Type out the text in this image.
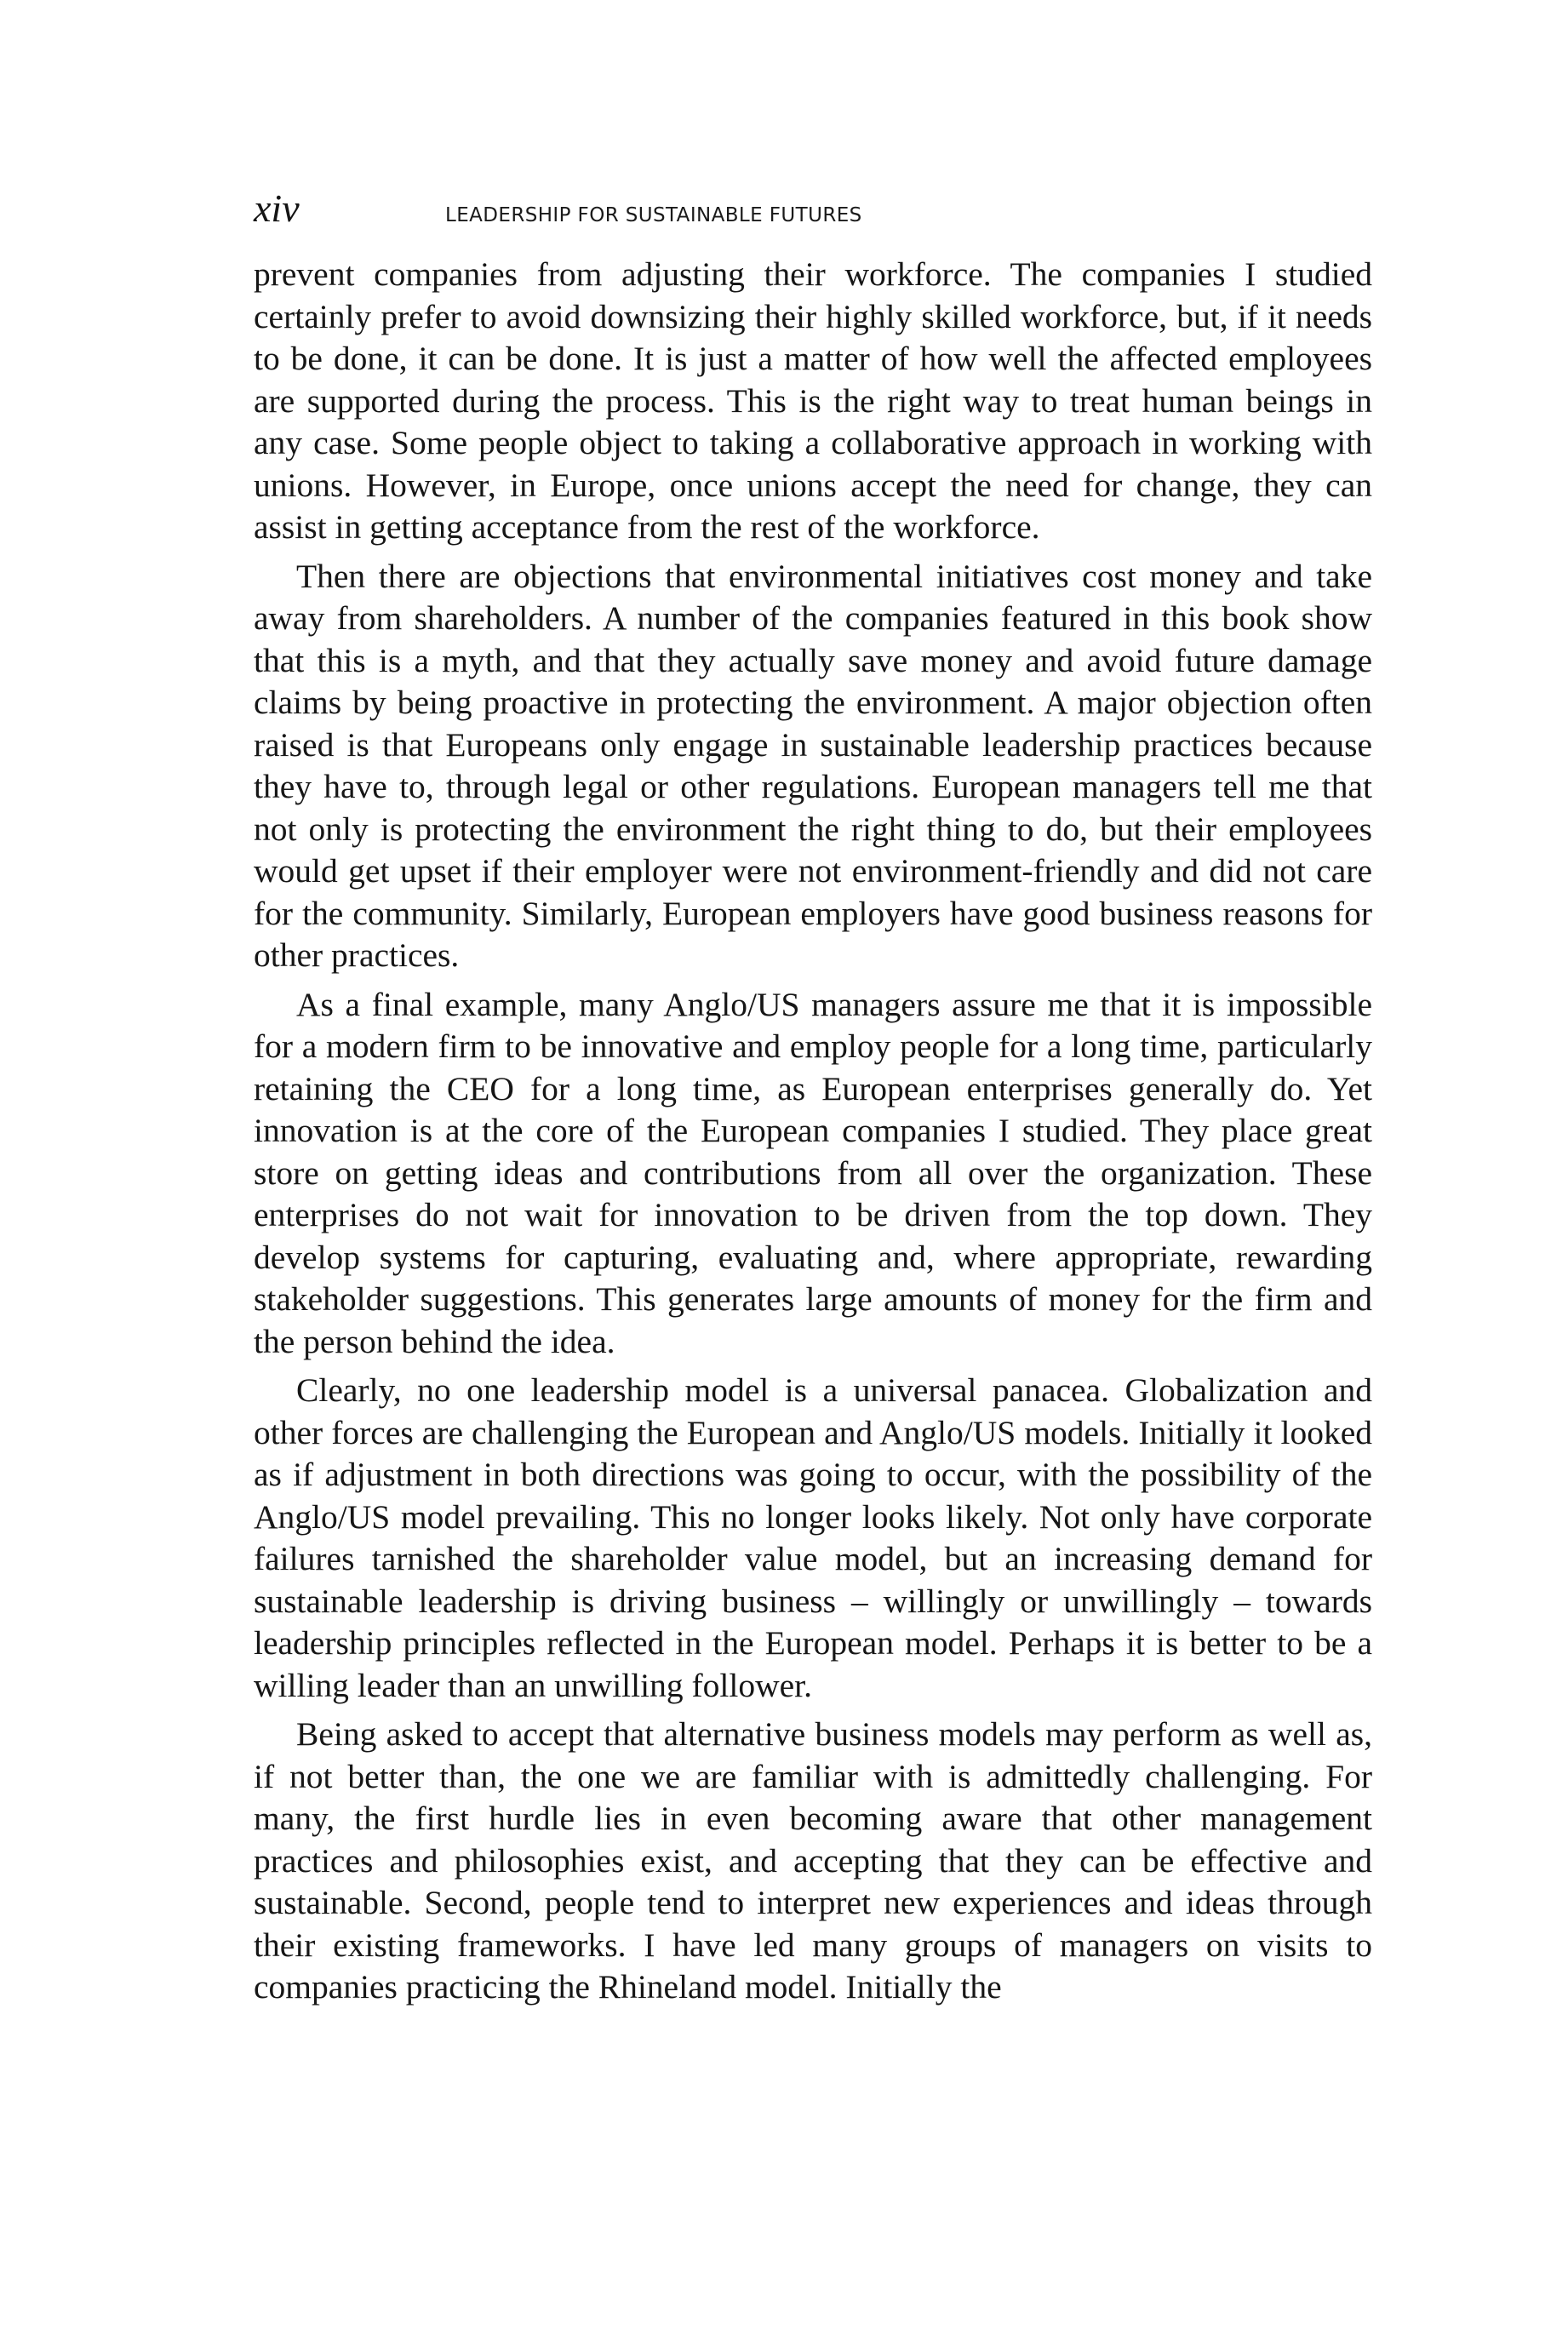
xiv	LEADERSHIP FOR SUSTAINABLE FUTURES

prevent companies from adjusting their workforce. The companies I studied certainly prefer to avoid downsizing their highly skilled workforce, but, if it needs to be done, it can be done. It is just a matter of how well the affected employees are supported during the process. This is the right way to treat human beings in any case. Some people object to taking a collaborative approach in working with unions. However, in Europe, once unions accept the need for change, they can assist in getting acceptance from the rest of the workforce.

Then there are objections that environmental initiatives cost money and take away from shareholders. A number of the companies featured in this book show that this is a myth, and that they actually save money and avoid future damage claims by being proactive in protecting the environment. A major objection often raised is that Europeans only engage in sustainable leadership practices because they have to, through legal or other regulations. European managers tell me that not only is protecting the environment the right thing to do, but their employees would get upset if their employer were not environment-friendly and did not care for the community. Similarly, European employers have good business reasons for other practices.

As a final example, many Anglo/US managers assure me that it is impossible for a modern firm to be innovative and employ people for a long time, particularly retaining the CEO for a long time, as European enterprises generally do. Yet innovation is at the core of the European companies I studied. They place great store on getting ideas and contributions from all over the organization. These enterprises do not wait for innovation to be driven from the top down. They develop systems for capturing, evaluating and, where appropriate, rewarding stakeholder suggestions. This generates large amounts of money for the firm and the person behind the idea.

Clearly, no one leadership model is a universal panacea. Globalization and other forces are challenging the European and Anglo/US models. Initially it looked as if adjustment in both directions was going to occur, with the possibility of the Anglo/US model prevailing. This no longer looks likely. Not only have corporate failures tarnished the shareholder value model, but an increasing demand for sustainable leadership is driving business – willingly or unwillingly – towards leadership principles reflected in the European model. Perhaps it is better to be a willing leader than an unwilling follower.

Being asked to accept that alternative business models may perform as well as, if not better than, the one we are familiar with is admittedly challenging. For many, the first hurdle lies in even becoming aware that other management practices and philosophies exist, and accepting that they can be effective and sustainable. Second, people tend to interpret new experiences and ideas through their existing frameworks. I have led many groups of managers on visits to companies practicing the Rhineland model. Initially the
